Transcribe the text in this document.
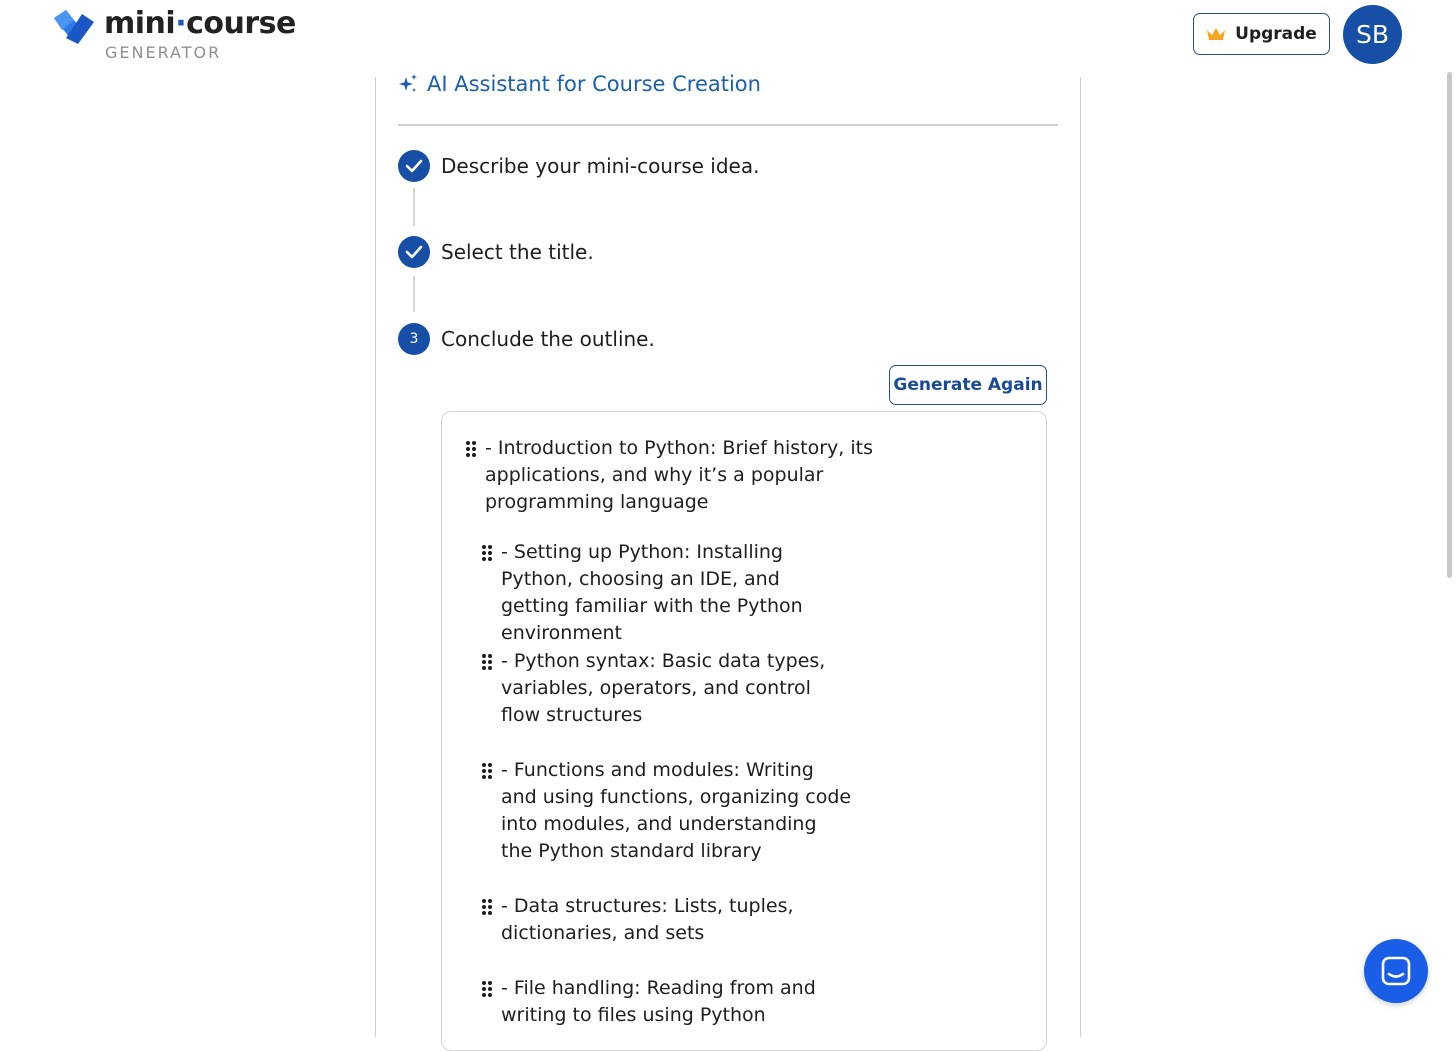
mini·course
GENERATOR
Upgrade SB
AI Assistant for Course Creation
Describe your mini-course idea.
Select the title.
3 Conclude the outline.
Generate Again
- Introduction to Python: Brief history, its applications, and why it’s a popular programming language
- Setting up Python: Installing Python, choosing an IDE, and getting familiar with the Python environment
- Python syntax: Basic data types, variables, operators, and control flow structures
- Functions and modules: Writing and using functions, organizing code into modules, and understanding the Python standard library
- Data structures: Lists, tuples, dictionaries, and sets
- File handling: Reading from and writing to files using Python
